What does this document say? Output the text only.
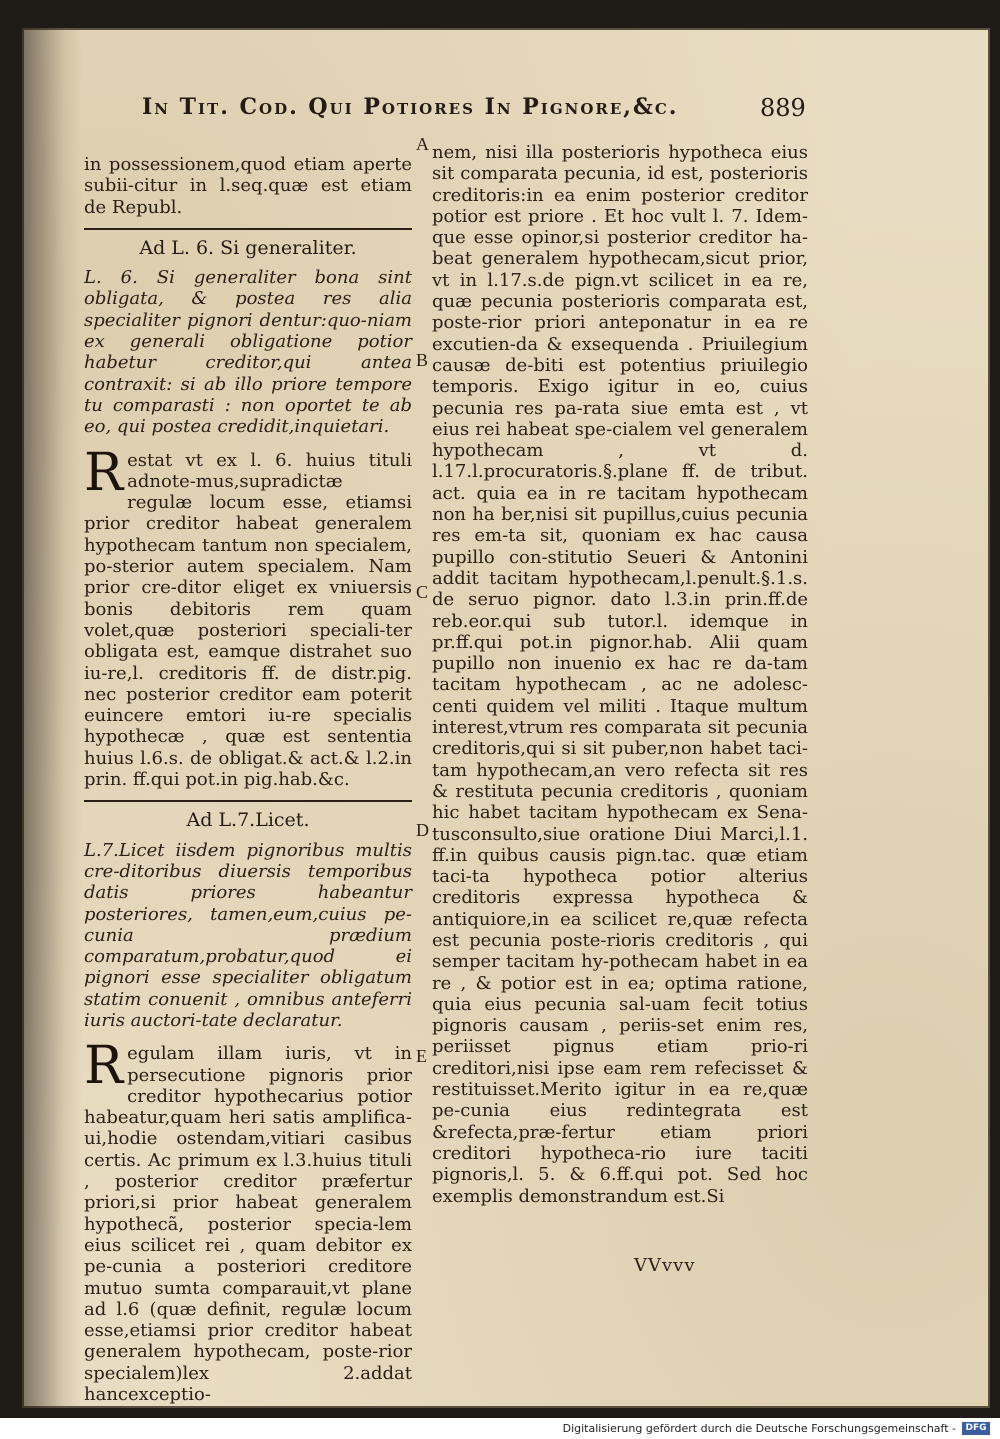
In Tit. Cod. Qui Potiores In Pignore,&c.	889

in possessionem,quod etiam aperte subii-citur in l.seq.quæ est etiam de Republ.

Ad L. 6. Si generaliter.

L. 6. Si generaliter bona sint obligata, & postea res alia specialiter pignori dentur:quo-niam ex generali obligatione potior habetur creditor,qui antea contraxit: si ab illo priore tempore tu comparasti : non oportet te ab eo, qui postea credidit,inquietari.

Restat vt ex l. 6. huius tituli adnote-mus,supradictæ regulæ locum esse, etiamsi prior creditor habeat generalem hypothecam tantum non specialem, po-sterior autem specialem. Nam prior cre-ditor eliget ex vniuersis bonis debitoris rem quam volet,quæ posteriori speciali-ter obligata est, eamque distrahet suo iu-re,l. creditoris ff. de distr.pig. nec posterior creditor eam poterit euincere emtori iu-re specialis hypothecæ , quæ est sententia huius l.6.s. de obligat.& act.& l.2.in prin. ff.qui pot.in pig.hab.&c.

Ad L.7.Licet.

L.7.Licet iisdem pignoribus multis cre-ditoribus diuersis temporibus datis priores habeantur posteriores, tamen,eum,cuius pe-cunia prædium comparatum,probatur,quod ei pignori esse specialiter obligatum statim conuenit , omnibus anteferri iuris auctori-tate declaratur.

Regulam illam iuris, vt in persecutione pignoris prior creditor hypothecarius potior habeatur,quam heri satis amplifica-ui,hodie ostendam,vitiari casibus certis. Ac primum ex l.3.huius tituli , posterior creditor præfertur priori,si prior habeat generalem hypothecã, posterior specia-lem eius scilicet rei , quam debitor ex pe-cunia a posteriori creditore mutuo sumta comparauit,vt plane ad l.6 (quæ definit, regulæ locum esse,etiamsi prior creditor habeat generalem hypothecam, poste-rior specialem)lex 2.addat hancexceptio-

A
B
C
D
E

nem, nisi illa posterioris hypotheca eius sit comparata pecunia, id est, posterioris creditoris:in ea enim posterior creditor potior est priore . Et hoc vult l. 7. Idem-que esse opinor,si posterior creditor ha-beat generalem hypothecam,sicut prior, vt in l.17.s.de pign.vt scilicet in ea re, quæ pecunia posterioris comparata est, poste-rior priori anteponatur in ea re excutien-da & exsequenda . Priuilegium causæ de-biti est potentius priuilegio temporis. Exigo igitur in eo, cuius pecunia res pa-rata siue emta est , vt eius rei habeat spe-cialem vel generalem hypothecam , vt d. l.17.l.procuratoris.§.plane ff. de tribut. act. quia ea in re tacitam hypothecam non ha ber,nisi sit pupillus,cuius pecunia res em-ta sit, quoniam ex hac causa pupillo con-stitutio Seueri & Antonini addit tacitam hypothecam,l.penult.§.1.s. de seruo pignor. dato l.3.in prin.ff.de reb.eor.qui sub tutor.l. idemque in pr.ff.qui pot.in pignor.hab. Alii quam pupillo non inuenio ex hac re da-tam tacitam hypothecam , ac ne adolesc-centi quidem vel militi . Itaque multum interest,vtrum res comparata sit pecunia creditoris,qui si sit puber,non habet taci-tam hypothecam,an vero refecta sit res & restituta pecunia creditoris , quoniam hic habet tacitam hypothecam ex Sena-tusconsulto,siue oratione Diui Marci,l.1. ff.in quibus causis pign.tac. quæ etiam taci-ta hypotheca potior alterius creditoris expressa hypotheca & antiquiore,in ea scilicet re,quæ refecta est pecunia poste-rioris creditoris , qui semper tacitam hy-pothecam habet in ea re , & potior est in ea; optima ratione, quia eius pecunia sal-uam fecit totius pignoris causam , periis-set enim res, periisset pignus etiam prio-ri creditori,nisi ipse eam rem refecisset & restituisset.Merito igitur in ea re,quæ pe-cunia eius redintegrata est &refecta,præ-fertur etiam priori creditori hypotheca-rio iure taciti pignoris,l. 5. & 6.ff.qui pot. Sed hoc exemplis demonstrandum est.Si

VVvvv
Digitalisierung gefördert durch die Deutsche Forschungsgemeinschaft -	DFG
